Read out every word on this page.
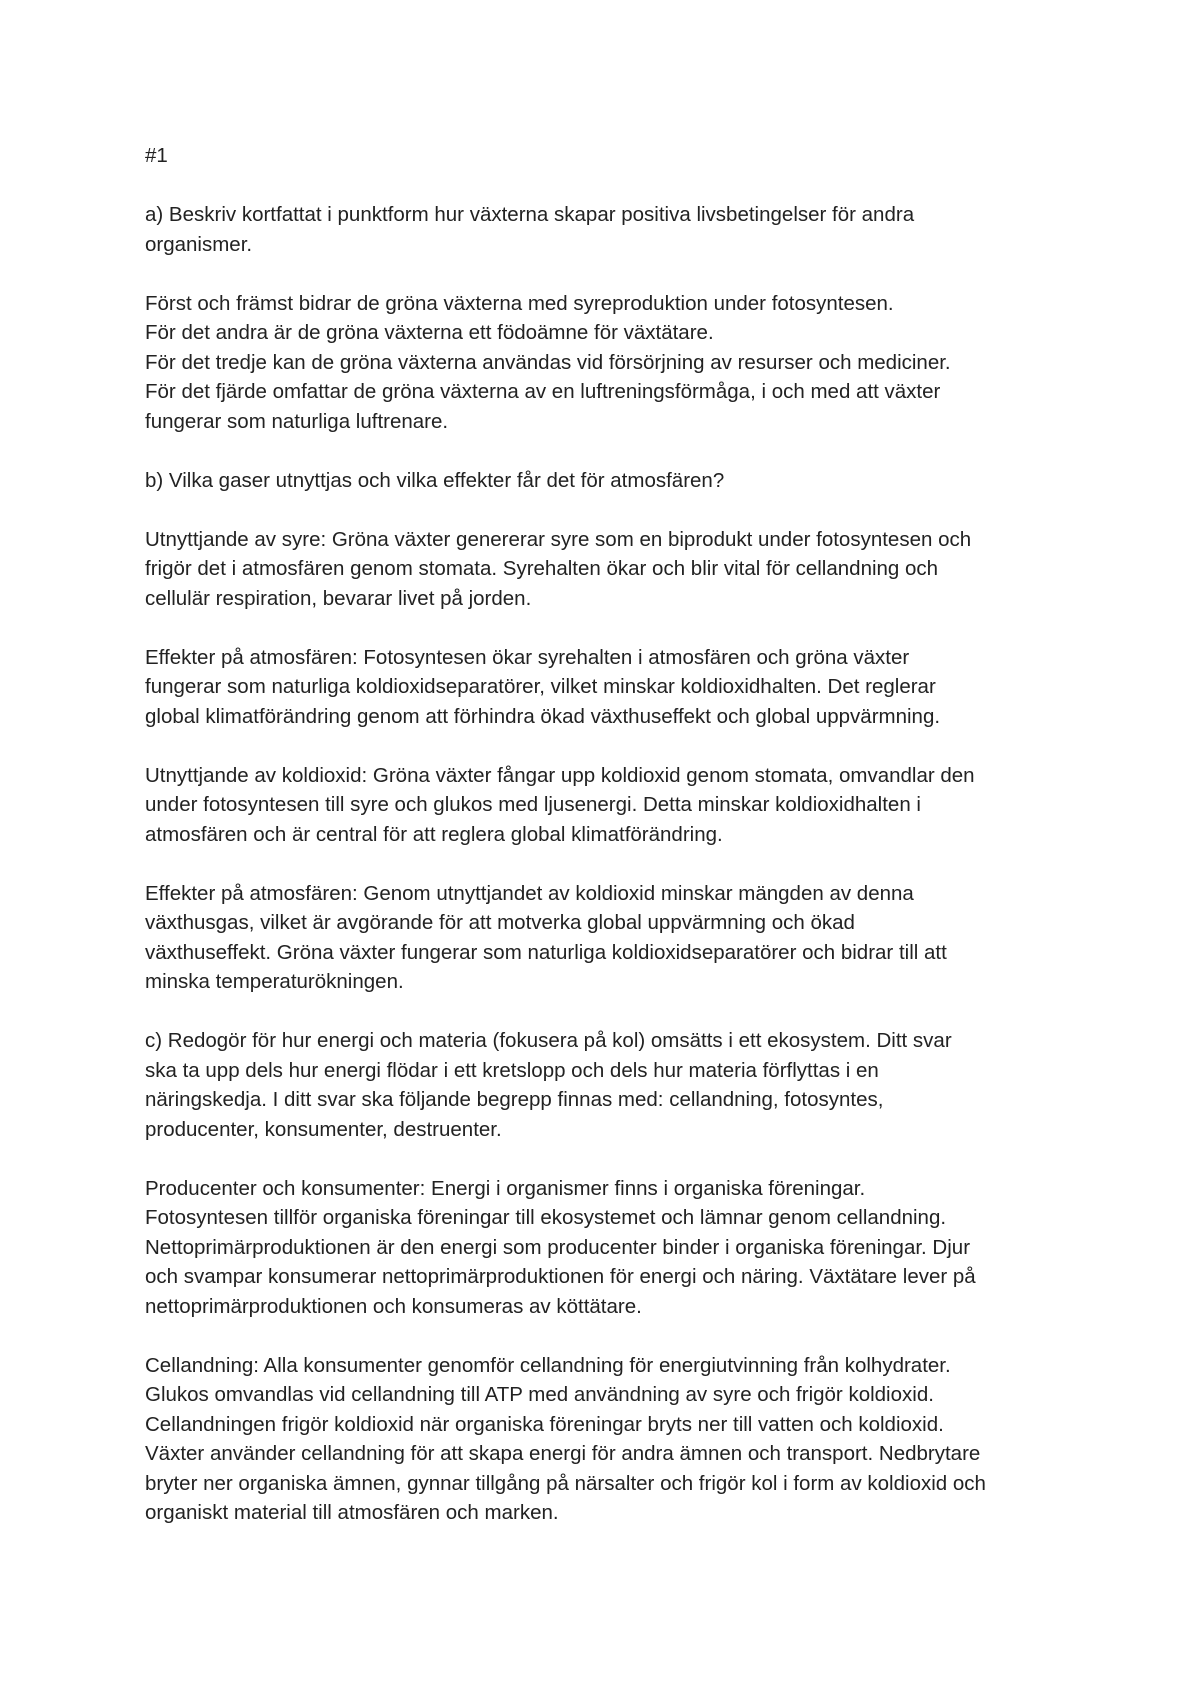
#1
a) Beskriv kortfattat i punktform hur växterna skapar positiva livsbetingelser för andra
organismer.
Först och främst bidrar de gröna växterna med syreproduktion under fotosyntesen.
För det andra är de gröna växterna ett födoämne för växtätare.
För det tredje kan de gröna växterna användas vid försörjning av resurser och mediciner.
För det fjärde omfattar de gröna växterna av en luftreningsförmåga, i och med att växter
fungerar som naturliga luftrenare.
b) Vilka gaser utnyttjas och vilka effekter får det för atmosfären?
Utnyttjande av syre: Gröna växter genererar syre som en biprodukt under fotosyntesen och
frigör det i atmosfären genom stomata. Syrehalten ökar och blir vital för cellandning och
cellulär respiration, bevarar livet på jorden.
Effekter på atmosfären: Fotosyntesen ökar syrehalten i atmosfären och gröna växter
fungerar som naturliga koldioxidseparatörer, vilket minskar koldioxidhalten. Det reglerar
global klimatförändring genom att förhindra ökad växthuseffekt och global uppvärmning.
Utnyttjande av koldioxid: Gröna växter fångar upp koldioxid genom stomata, omvandlar den
under fotosyntesen till syre och glukos med ljusenergi. Detta minskar koldioxidhalten i
atmosfären och är central för att reglera global klimatförändring.
Effekter på atmosfären: Genom utnyttjandet av koldioxid minskar mängden av denna
växthusgas, vilket är avgörande för att motverka global uppvärmning och ökad
växthuseffekt. Gröna växter fungerar som naturliga koldioxidseparatörer och bidrar till att
minska temperaturökningen.
c) Redogör för hur energi och materia (fokusera på kol) omsätts i ett ekosystem. Ditt svar
ska ta upp dels hur energi flödar i ett kretslopp och dels hur materia förflyttas i en
näringskedja. I ditt svar ska följande begrepp finnas med: cellandning, fotosyntes,
producenter, konsumenter, destruenter.
Producenter och konsumenter: Energi i organismer finns i organiska föreningar.
Fotosyntesen tillför organiska föreningar till ekosystemet och lämnar genom cellandning.
Nettoprimärproduktionen är den energi som producenter binder i organiska föreningar. Djur
och svampar konsumerar nettoprimärproduktionen för energi och näring. Växtätare lever på
nettoprimärproduktionen och konsumeras av köttätare.
Cellandning: Alla konsumenter genomför cellandning för energiutvinning från kolhydrater.
Glukos omvandlas vid cellandning till ATP med användning av syre och frigör koldioxid.
Cellandningen frigör koldioxid när organiska föreningar bryts ner till vatten och koldioxid.
Växter använder cellandning för att skapa energi för andra ämnen och transport. Nedbrytare
bryter ner organiska ämnen, gynnar tillgång på närsalter och frigör kol i form av koldioxid och
organiskt material till atmosfären och marken.
